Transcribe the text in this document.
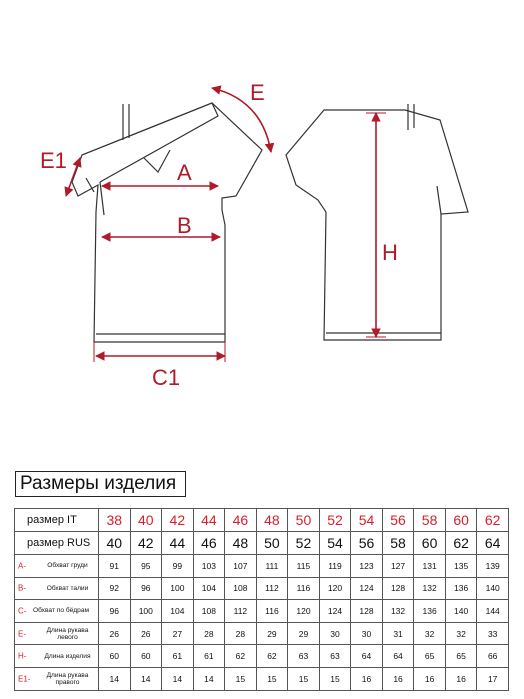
A
B
C1
E
E1
H
Размеры изделия
размер IT	38	40	42	44	46	48	50	52	54	56	58	60	62
размер RUS	40	42	44	46	48	50	52	54	56	58	60	62	64

A- Обхват груди	91	95	99	103	107	111	115	119	123	127	131	135	139

B- Обхват талии	92	96	100	104	108	112	116	120	124	128	132	136	140

C- Обхват по бёдрам	96	100	104	108	112	116	120	124	128	132	136	140	144

E- Длина рукава левого	26	26	27	28	28	29	29	30	30	31	32	32	33

H- Длина изделия	60	60	61	61	62	62	63	63	64	64	65	65	66

E1- Длина рукава правого	14	14	14	14	15	15	15	15	16	16	16	16	17
